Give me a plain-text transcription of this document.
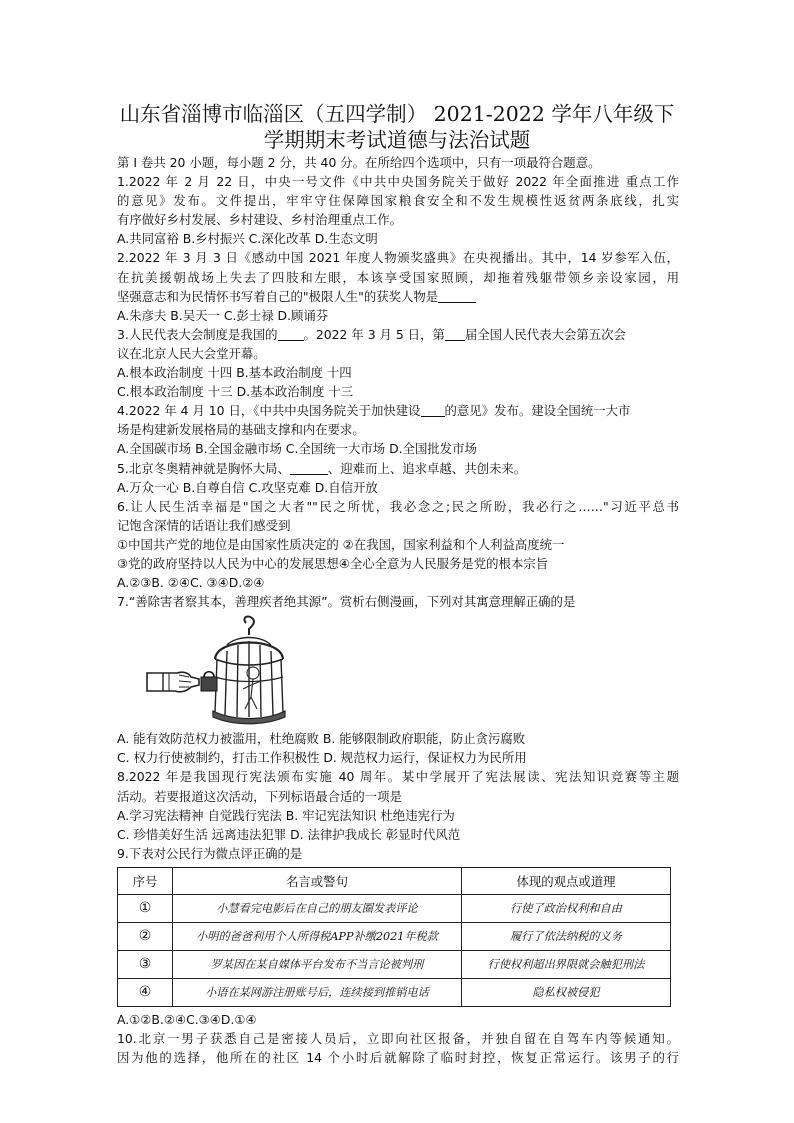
山东省淄博市临淄区（五四学制） 2021-2022 学年八年级下
学期期末考试道德与法治试题
第 I 卷共 20 小题，每小题 2 分，共 40 分。在所给四个选项中，只有一项最符合题意。
1.2022 年 2 月 22 日，中央一号文件《中共中央国务院关于做好 2022 年全面推进 重点工作
的意见》发布。文件提出，牢牢守住保障国家粮食安全和不发生规模性返贫两条底线，扎实
有序做好乡村发展、乡村建设、乡村治理重点工作。
A.共同富裕 B.乡村振兴 C.深化改革 D.生态文明
2.2022 年 3 月 3 日《感动中国 2021 年度人物颁奖盛典》在央视播出。其中，14 岁参军入伍，
在抗美援朝战场上失去了四肢和左眼，本该享受国家照顾，却拖着残躯带领乡亲设家园，用
坚强意志和为民情怀书写着自己的"极限人生"的获奖人物是
A.朱彦夫 B.吴天一 C.彭士禄 D.顾诵芬
3.人民代表大会制度是我国的 。2022 年 3 月 5 日，第 届全国人民代表大会第五次会
议在北京人民大会堂开幕。
A.根本政治制度 十四 B.基本政治制度 十四
C.根本政治制度 十三 D.基本政治制度 十三
4.2022 年 4 月 10 日，《中共中央国务院关于加快建设 的意见》发布。建设全国统一大市
场是构建新发展格局的基础支撑和内在要求。
A.全国碳市场 B.全国金融市场 C.全国统一大市场 D.全国批发市场
5.北京冬奥精神就是胸怀大局、	、迎难而上、追求卓越、共创未来。
A.万众一心 B.自尊自信 C.攻坚克难 D.自信开放
6.让人民生活幸福是"国之大者""民之所忧，我必念之;民之所盼，我必行之……"习近平总书
记饱含深情的话语让我们感受到
①中国共产党的地位是由国家性质决定的 ②在我国，国家利益和个人利益高度统一
③党的政府坚持以人民为中心的发展思想④全心全意为人民服务是党的根本宗旨
A.②③B. ②④C. ③④D.②④
7.“善除害者察其本，善理疾者绝其源”。赏析右侧漫画，下列对其寓意理解正确的是
A. 能有效防范权力被滥用，杜绝腐败 B. 能够限制政府职能，防止贪污腐败
C. 权力行使被制约，打击工作积极性 D. 规范权力运行，保证权力为民所用
8.2022 年是我国现行宪法颁布实施 40 周年。某中学展开了宪法展读、宪法知识竞赛等主题
活动。若要报道这次活动，下列标语最合适的一项是
A.学习宪法精神 自觉践行宪法 B. 牢记宪法知识 杜绝违宪行为
C. 珍惜美好生活 远离违法犯罪 D. 法律护我成长 彰显时代风范
9.下表对公民行为微点评正确的是
序号	名言或警句	体现的观点或道理
①	小慧看完电影后在自己的朋友圈发表评论	行使了政治权利和自由
②	小明的爸爸利用个人所得税APP补缴2021年税款	履行了依法纳税的义务
③	罗某因在某自媒体平台发布不当言论被判刑	行使权利超出界限就会触犯刑法
④	小语在某网游注册账号后，连续接到推销电话	隐私权被侵犯
A.①②B.②④C.③④D.①④
10.北京一男子获悉自己是密接人员后，立即向社区报备，并独自留在自驾车内等候通知。
因为他的选择，他所在的社区 14 个小时后就解除了临时封控，恢复正常运行。该男子的行
